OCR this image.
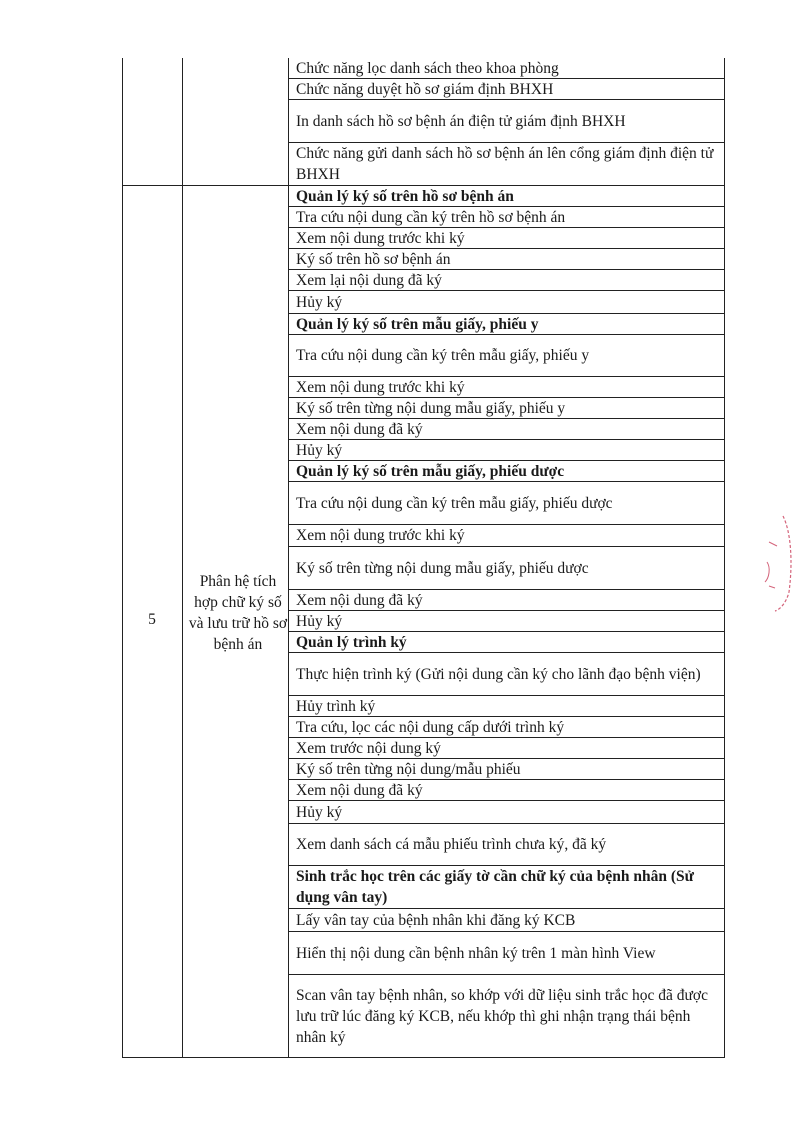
5
Phân hệ tích hợp chữ ký số và lưu trữ hồ sơ bệnh án
Chức năng lọc danh sách theo khoa phòng
Chức năng duyệt hồ sơ giám định BHXH
In danh sách hồ sơ bệnh án điện tử giám định BHXH
Chức năng gửi danh sách hồ sơ bệnh án lên cổng giám định điện tử BHXH
Quản lý ký số trên hồ sơ bệnh án
Tra cứu nội dung cần ký trên hồ sơ bệnh án
Xem nội dung trước khi ký
Ký số trên hồ sơ bệnh án
Xem lại nội dung đã ký
Hủy ký
Quản lý ký số trên mẫu giấy, phiếu y
Tra cứu nội dung cần ký trên mẫu giấy, phiếu y
Xem nội dung trước khi ký
Ký số trên từng nội dung mẫu giấy, phiếu y
Xem nội dung đã ký
Hủy ký
Quản lý ký số trên mẫu giấy, phiếu dược
Tra cứu nội dung cần ký trên mẫu giấy, phiếu dược
Xem nội dung trước khi ký
Ký số trên từng nội dung mẫu giấy, phiếu dược
Xem nội dung đã ký
Hủy ký
Quản lý trình ký
Thực hiện trình ký (Gửi nội dung cần ký cho lãnh đạo bệnh viện)
Hủy trình ký
Tra cứu, lọc các nội dung cấp dưới trình ký
Xem trước nội dung ký
Ký số trên từng nội dung/mẫu phiếu
Xem nội dung đã ký
Hủy ký
Xem danh sách cá mẫu phiếu trình chưa ký, đã ký
Sinh trắc học trên các giấy tờ cần chữ ký của bệnh nhân (Sử dụng vân tay)
Lấy vân tay của bệnh nhân khi đăng ký KCB
Hiển thị nội dung cần bệnh nhân ký trên 1 màn hình View
Scan vân tay bệnh nhân, so khớp với dữ liệu sinh trắc học đã được lưu trữ lúc đăng ký KCB, nếu khớp thì ghi nhận trạng thái bệnh nhân ký
